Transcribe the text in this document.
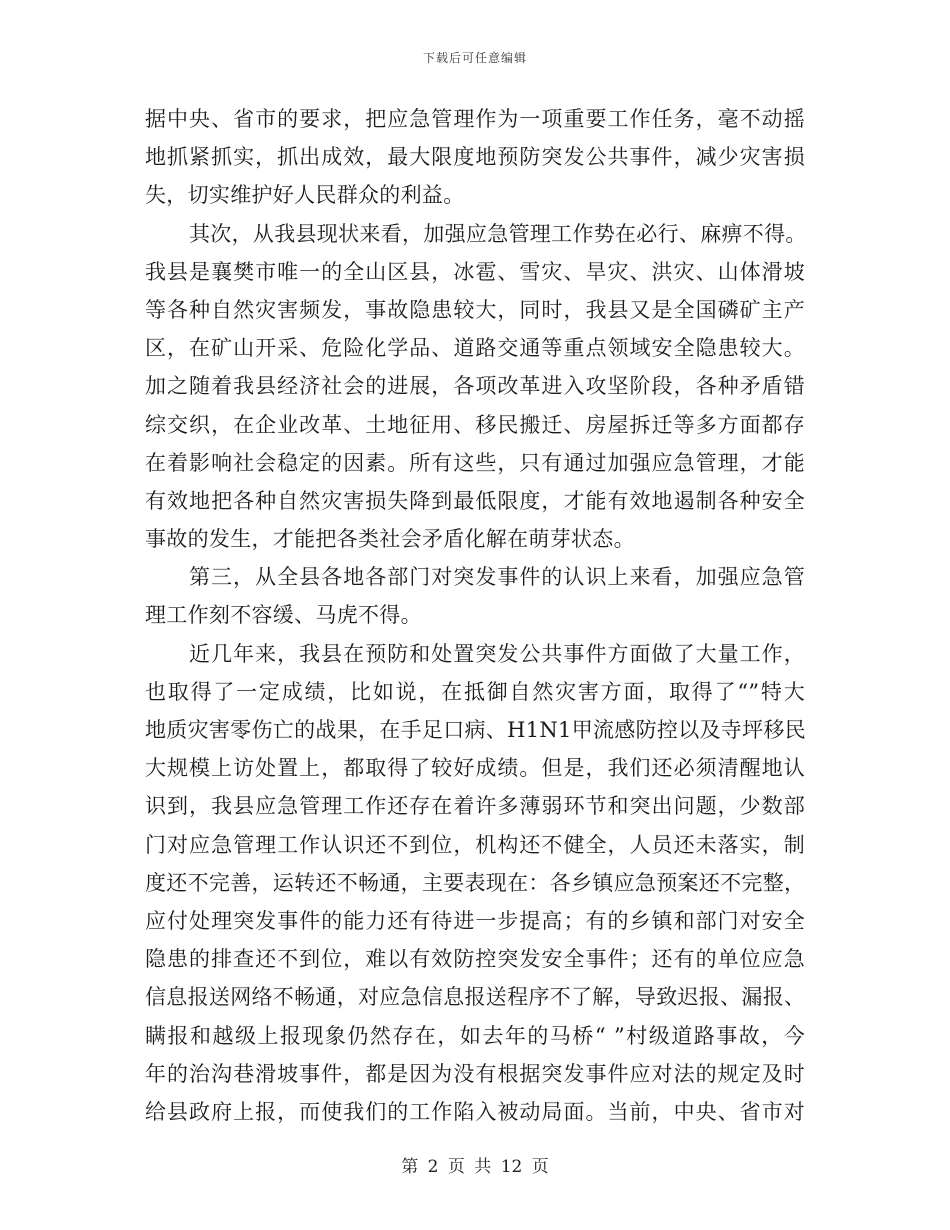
下载后可任意编辑
据中央、省市的要求，把应急管理作为一项重要工作任务，毫不动摇
地抓紧抓实，抓出成效，最大限度地预防突发公共事件，减少灾害损
失，切实维护好人民群众的利益。
其次，从我县现状来看，加强应急管理工作势在必行、麻痹不得。
我县是襄樊市唯一的全山区县，冰雹、雪灾、旱灾、洪灾、山体滑坡
等各种自然灾害频发，事故隐患较大，同时，我县又是全国磷矿主产
区，在矿山开采、危险化学品、道路交通等重点领域安全隐患较大。
加之随着我县经济社会的进展，各项改革进入攻坚阶段，各种矛盾错
综交织，在企业改革、土地征用、移民搬迁、房屋拆迁等多方面都存
在着影响社会稳定的因素。所有这些，只有通过加强应急管理，才能
有效地把各种自然灾害损失降到最低限度，才能有效地遏制各种安全
事故的发生，才能把各类社会矛盾化解在萌芽状态。
第三，从全县各地各部门对突发事件的认识上来看，加强应急管
理工作刻不容缓、马虎不得。
近几年来，我县在预防和处置突发公共事件方面做了大量工作，
也取得了一定成绩，比如说，在抵御自然灾害方面，取得了“”特大
地质灾害零伤亡的战果，在手足口病、H1N1甲流感防控以及寺坪移民
大规模上访处置上，都取得了较好成绩。但是，我们还必须清醒地认
识到，我县应急管理工作还存在着许多薄弱环节和突出问题，少数部
门对应急管理工作认识还不到位，机构还不健全，人员还未落实，制
度还不完善，运转还不畅通，主要表现在：各乡镇应急预案还不完整，
应付处理突发事件的能力还有待进一步提高；有的乡镇和部门对安全
隐患的排查还不到位，难以有效防控突发安全事件；还有的单位应急
信息报送网络不畅通，对应急信息报送程序不了解，导致迟报、漏报、
瞒报和越级上报现象仍然存在，如去年的马桥“ ”村级道路事故，今
年的治沟巷滑坡事件，都是因为没有根据突发事件应对法的规定及时
给县政府上报，而使我们的工作陷入被动局面。当前，中央、省市对
第 2 页 共 12 页
